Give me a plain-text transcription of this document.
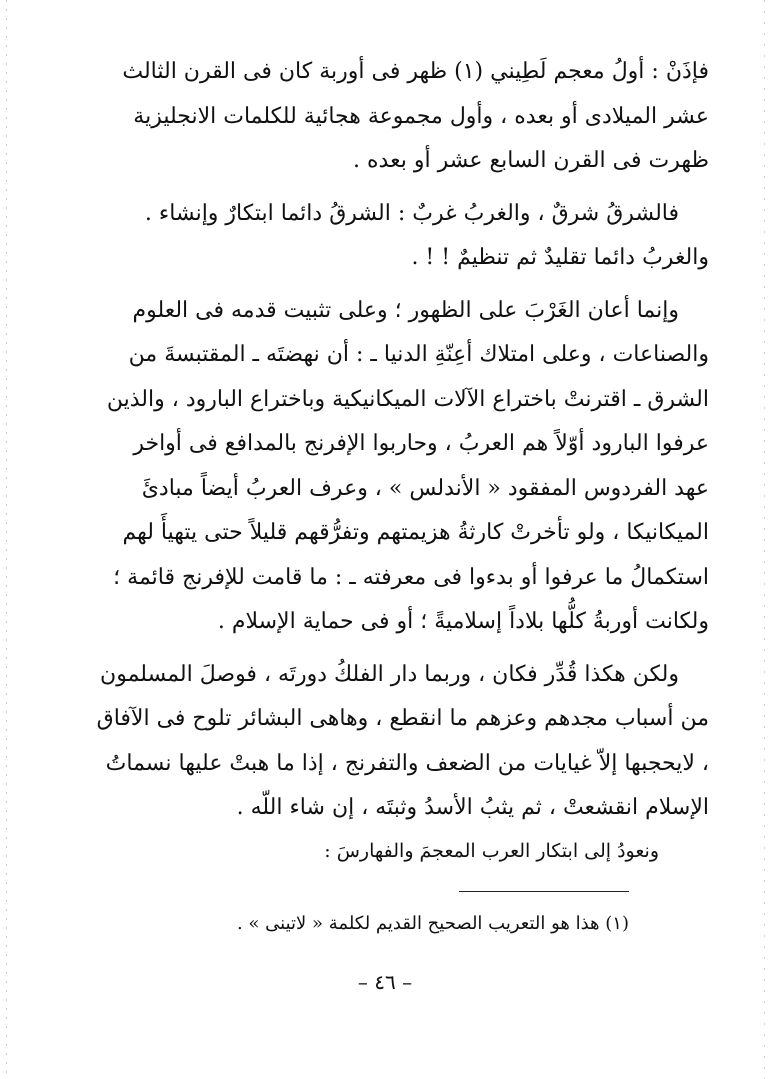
فإذَنْ : أولُ معجم لَطِيني (١) ظهر فى أوربة كان فى القرن الثالث عشر الميلادى أو بعده ، وأول مجموعة هجائية للكلمات الانجليزية ظهرت فى القرن السابع عشر أو بعده .

فالشرقُ شرقٌ ، والغربُ غربٌ : الشرقُ دائما ابتكارٌ وإنشاء . والغربُ دائما تقليدٌ ثم تنظيمٌ ! ! .

وإنما أعان الغَرْبَ على الظهور ؛ وعلى تثبيت قدمه فى العلوم والصناعات ، وعلى امتلاك أعِنّةِ الدنيا ـ : أن نهضتَه ـ المقتبسةَ من الشرق ـ اقترنتْ باختراع الآلات الميكانيكية وباختراع البارود ، والذين عرفوا البارود أوّلاً هم العربُ ، وحاربوا الإفرنج بالمدافع فى أواخر عهد الفردوس المفقود « الأندلس » ، وعرف العربُ أيضاً مبادئَ الميكانيكا ، ولو تأخرتْ كارثةُ هزيمتهم وتفرُّقهم قليلاً حتى يتهيأَ لهم استكمالُ ما عرفوا أو بدءوا فى معرفته ـ : ما قامت للإفرنج قائمة ؛ ولكانت أوربةُ كلُّها بلاداً إسلاميةً ؛ أو فى حماية الإسلام .

ولكن هكذا قُدِّر فكان ، وربما دار الفلكُ دورتَه ، فوصلَ المسلمون من أسباب مجدهم وعزهم ما انقطع ، وهاهى البشائر تلوح فى الآفاق ، لايحجبها إلاّ غيايات من الضعف والتفرنج ، إذا ما هبتْ عليها نسماتُ الإسلام انقشعتْ ، ثم يثبُ الأسدُ وثبتَه ، إن شاء اللّه .

ونعودُ إلى ابتكار العرب المعجمَ والفهارسَ :
(١) هذا هو التعريب الصحيح القديم لكلمة « لاتينى » .
– ٤٦ –
